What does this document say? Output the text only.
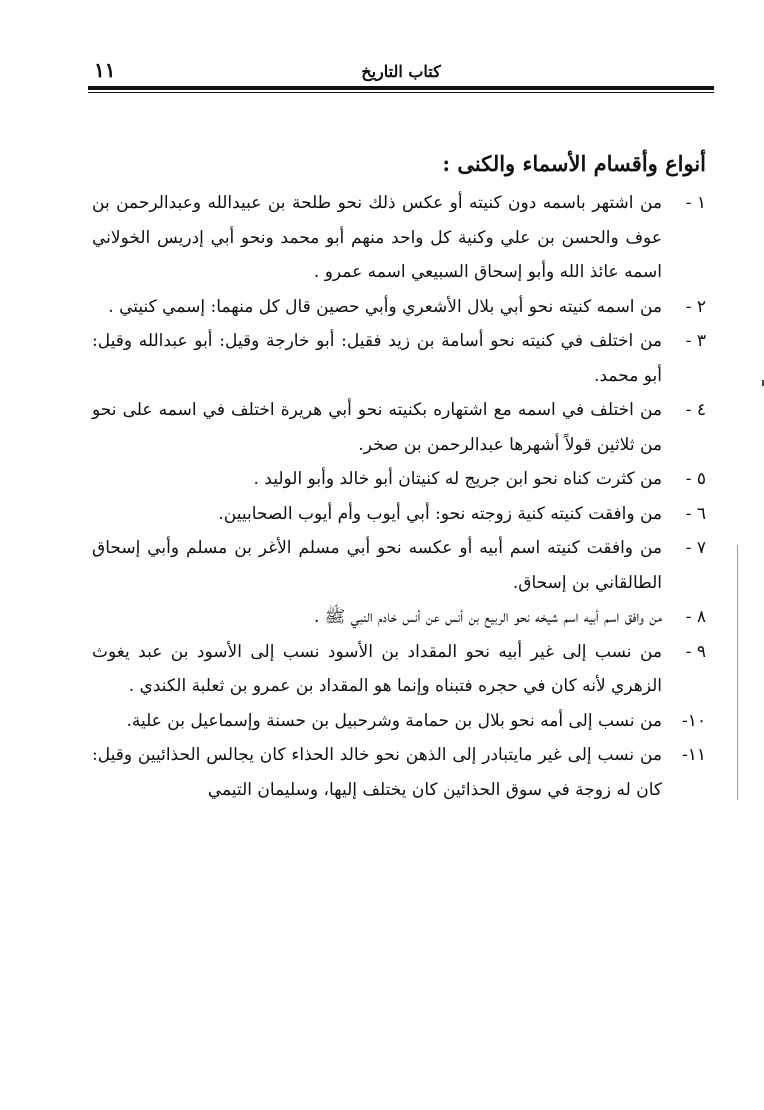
كتاب التاريخ
١١
أنواع وأقسام الأسماء والكنى :
١ -
من اشتهر باسمه دون كنيته أو عكس ذلك نحو طلحة بن عبيدالله وعبدالرحمن بن عوف والحسن بن علي وكنية كل واحد منهم أبو محمد ونحو أبي إدريس الخولاني اسمه عائذ الله وأبو إسحاق السبيعي اسمه عمرو .
٢ -
من اسمه كنيته نحو أبي بلال الأشعري وأبي حصين قال كل منهما: إسمي كنيتي .
٣ -
من اختلف في كنيته نحو أسامة بن زيد فقيل: أبو خارجة وقيل: أبو عبدالله وقيل: أبو محمد.
٤ -
من اختلف في اسمه مع اشتهاره بكنيته نحو أبي هريرة اختلف في اسمه على نحو من ثلاثين قولاً أشهرها عبدالرحمن بن صخر.
٥ -
من كثرت كناه نحو ابن جريج له كنيتان أبو خالد وأبو الوليد .
٦ -
من وافقت كنيته كنية زوجته نحو: أبي أيوب وأم أيوب الصحابيين.
٧ -
من وافقت كنيته اسم أبيه أو عكسه نحو أبي مسلم الأغر بن مسلم وأبي إسحاق الطالقاني بن إسحاق.
٨ -
من وافق اسم أبيه اسم شيخه نحو الربيع بن أنس عن أنس خادم النبي ﷺ .
٩ -
من نسب إلى غير أبيه نحو المقداد بن الأسود نسب إلى الأسود بن عبد يغوث الزهري لأنه كان في حجره فتبناه وإنما هو المقداد بن عمرو بن ثعلبة الكندي .
١٠-
من نسب إلى أمه نحو بلال بن حمامة وشرحبيل بن حسنة وإسماعيل بن علية.
١١-
من نسب إلى غير مايتبادر إلى الذهن نحو خالد الحذاء كان يجالس الحذائيين وقيل: كان له زوجة في سوق الحذائين كان يختلف إليها، وسليمان التيمي
